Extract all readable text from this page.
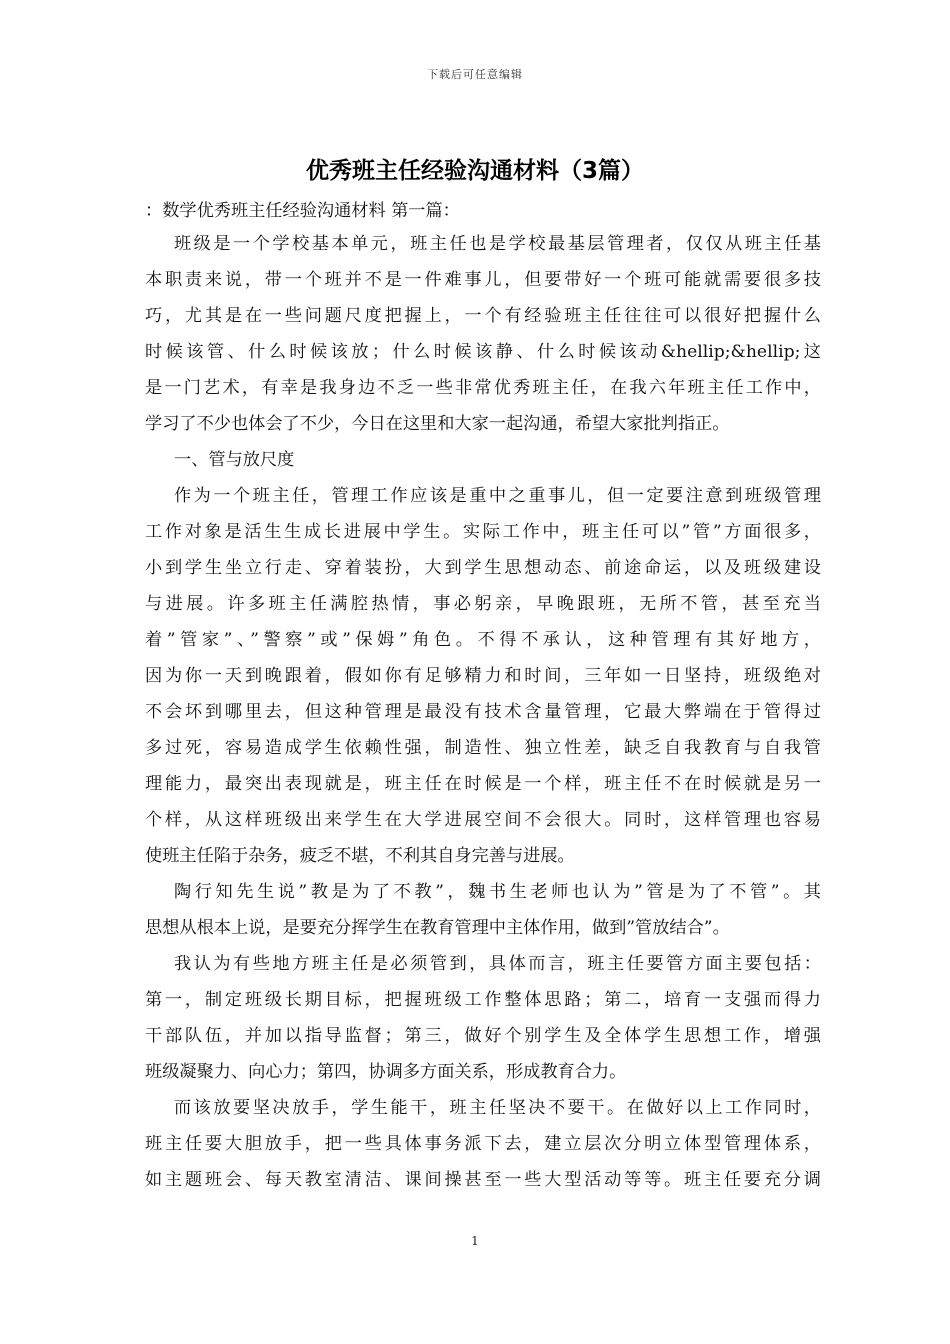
下载后可任意编辑
优秀班主任经验沟通材料（3篇）
：数学优秀班主任经验沟通材料 第一篇：
班级是一个学校基本单元，班主任也是学校最基层管理者，仅仅从班主任基
本职责来说，带一个班并不是一件难事儿，但要带好一个班可能就需要很多技
巧，尤其是在一些问题尺度把握上，一个有经验班主任往往可以很好把握什么
时候该管、什么时候该放；什么时候该静、什么时候该动&hellip;&hellip;这
是一门艺术，有幸是我身边不乏一些非常优秀班主任，在我六年班主任工作中，
学习了不少也体会了不少，今日在这里和大家一起沟通，希望大家批判指正。
一、管与放尺度
作为一个班主任，管理工作应该是重中之重事儿，但一定要注意到班级管理
工作对象是活生生成长进展中学生。实际工作中，班主任可以”管”方面很多，
小到学生坐立行走、穿着装扮，大到学生思想动态、前途命运，以及班级建设
与进展。许多班主任满腔热情，事必躬亲，早晚跟班，无所不管，甚至充当
着”管家”、”警察”或”保姆”角色。不得不承认，这种管理有其好地方，
因为你一天到晚跟着，假如你有足够精力和时间，三年如一日坚持，班级绝对
不会坏到哪里去，但这种管理是最没有技术含量管理，它最大弊端在于管得过
多过死，容易造成学生依赖性强，制造性、独立性差，缺乏自我教育与自我管
理能力，最突出表现就是，班主任在时候是一个样，班主任不在时候就是另一
个样，从这样班级出来学生在大学进展空间不会很大。同时，这样管理也容易
使班主任陷于杂务，疲乏不堪，不利其自身完善与进展。
陶行知先生说”教是为了不教”，魏书生老师也认为”管是为了不管”。其
思想从根本上说，是要充分挥学生在教育管理中主体作用，做到”管放结合”。
我认为有些地方班主任是必须管到，具体而言，班主任要管方面主要包括：
第一，制定班级长期目标，把握班级工作整体思路；第二，培育一支强而得力
干部队伍，并加以指导监督；第三，做好个别学生及全体学生思想工作，增强
班级凝聚力、向心力；第四，协调多方面关系，形成教育合力。
而该放要坚决放手，学生能干，班主任坚决不要干。在做好以上工作同时，
班主任要大胆放手，把一些具体事务派下去，建立层次分明立体型管理体系，
如主题班会、每天教室清洁、课间操甚至一些大型活动等等。班主任要充分调
1
